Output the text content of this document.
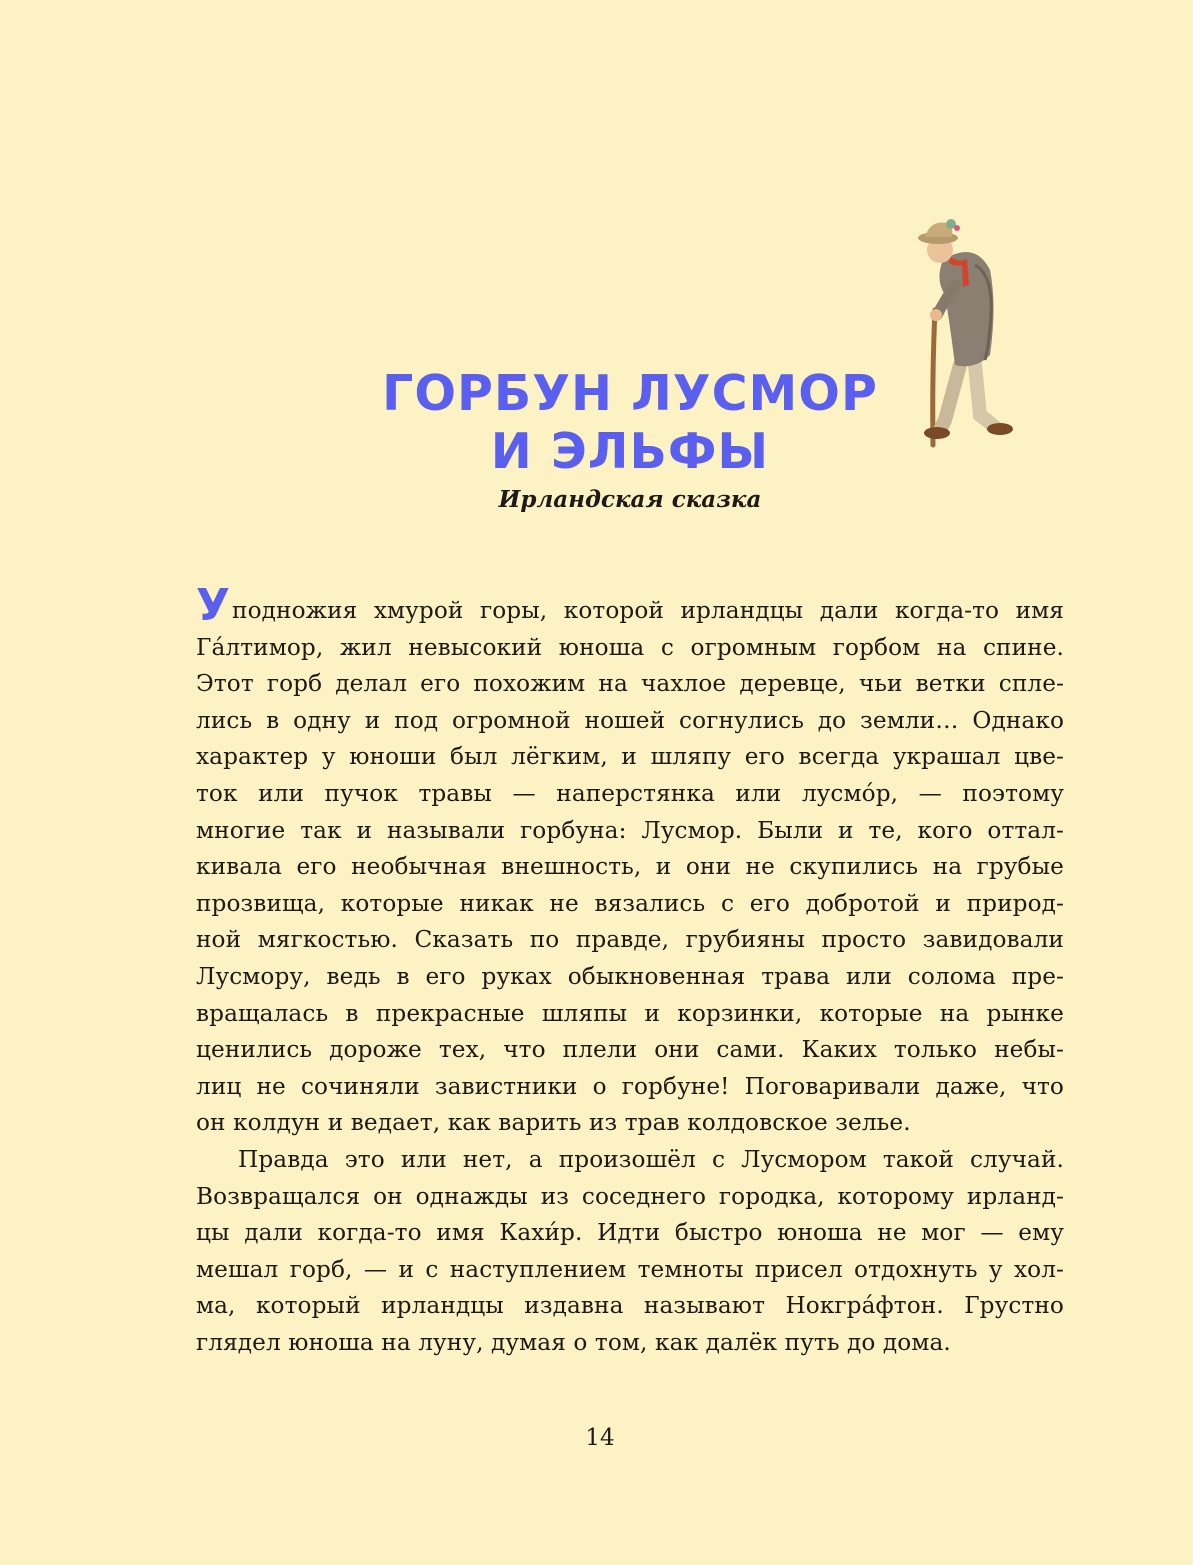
ГОРБУН ЛУСМОР
И ЭЛЬФЫ
Ирландская сказка
Уподножия хмурой горы, которой ирландцы дали когда-то имя
Га́лтимор, жил невысокий юноша с огромным горбом на спине.
Этот горб делал его похожим на чахлое деревце, чьи ветки спле-
лись в одну и под огромной ношей согнулись до земли… Однако
характер у юноши был лёгким, и шляпу его всегда украшал цве-
ток или пучок травы — наперстянка или лусмо́р, — поэтому
многие так и называли горбуна: Лусмор. Были и те, кого оттал-
кивала его необычная внешность, и они не скупились на грубые
прозвища, которые никак не вязались с его добротой и природ-
ной мягкостью. Сказать по правде, грубияны просто завидовали
Лусмору, ведь в его руках обыкновенная трава или солома пре-
вращалась в прекрасные шляпы и корзинки, которые на рынке
ценились дороже тех, что плели они сами. Каких только небы-
лиц не сочиняли завистники о горбуне! Поговаривали даже, что
он колдун и ведает, как варить из трав колдовское зелье.
Правда это или нет, а произошёл с Лусмором такой случай.
Возвращался он однажды из соседнего городка, которому ирланд-
цы дали когда-то имя Кахи́р. Идти быстро юноша не мог — ему
мешал горб, — и с наступлением темноты присел отдохнуть у хол-
ма, который ирландцы издавна называют Нокгра́фтон. Грустно
глядел юноша на луну, думая о том, как далёк путь до дома.
14
